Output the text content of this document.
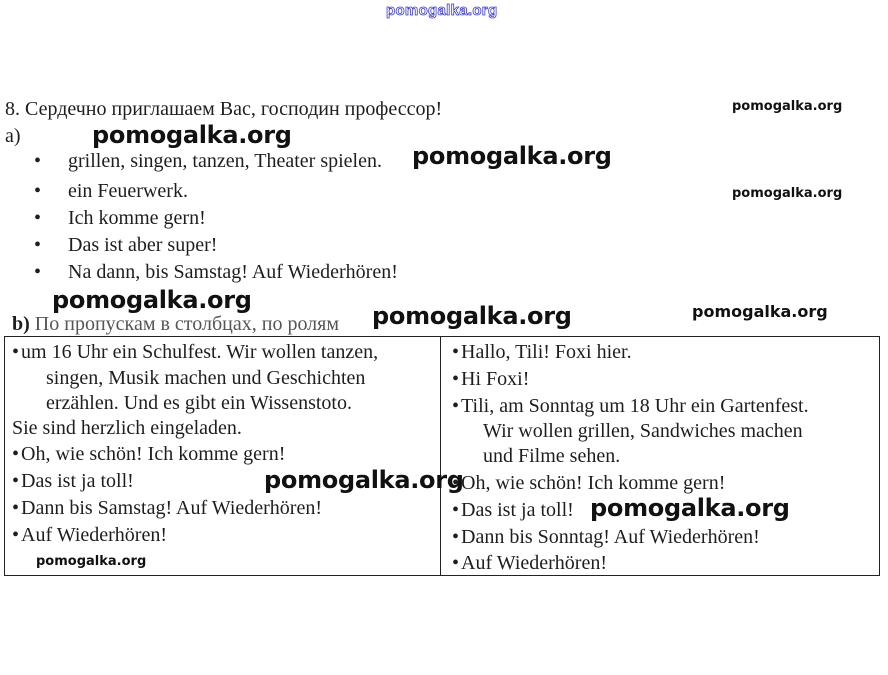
pomogalka.org
8. Сердечно приглашаем Вас, господин профессор!	pomogalka.org
a)	pomogalka.org
• grillen, singen, tanzen, Theater spielen. pomogalka.org
• ein Feuerwerk.	pomogalka.org
• Ich komme gern!
• Das ist aber super!
• Na dann, bis Samstag! Auf Wiederhören!
pomogalka.org
b) По пропускам в столбцах, по ролям pomogalka.org	pomogalka.org
• um 16 Uhr ein Schulfest. Wir wollen tanzen,
singen, Musik machen und Geschichten
erzählen. Und es gibt ein Wissenstoto.
Sie sind herzlich eingeladen.
• Oh, wie schön! Ich komme gern!
• Das ist ja toll!
• Dann bis Samstag! Auf Wiederhören!
• Auf Wiederhören!
pomogalka.org
• Hallo, Tili! Foxi hier.
• Hi Foxi!
• Tili, am Sonntag um 18 Uhr ein Gartenfest.
Wir wollen grillen, Sandwiches machen
und Filme sehen.
• Oh, wie schön! Ich komme gern!
• Das ist ja toll!
• Dann bis Sonntag! Auf Wiederhören!
• Auf Wiederhören!
pomogalka.org
pomogalka.org
